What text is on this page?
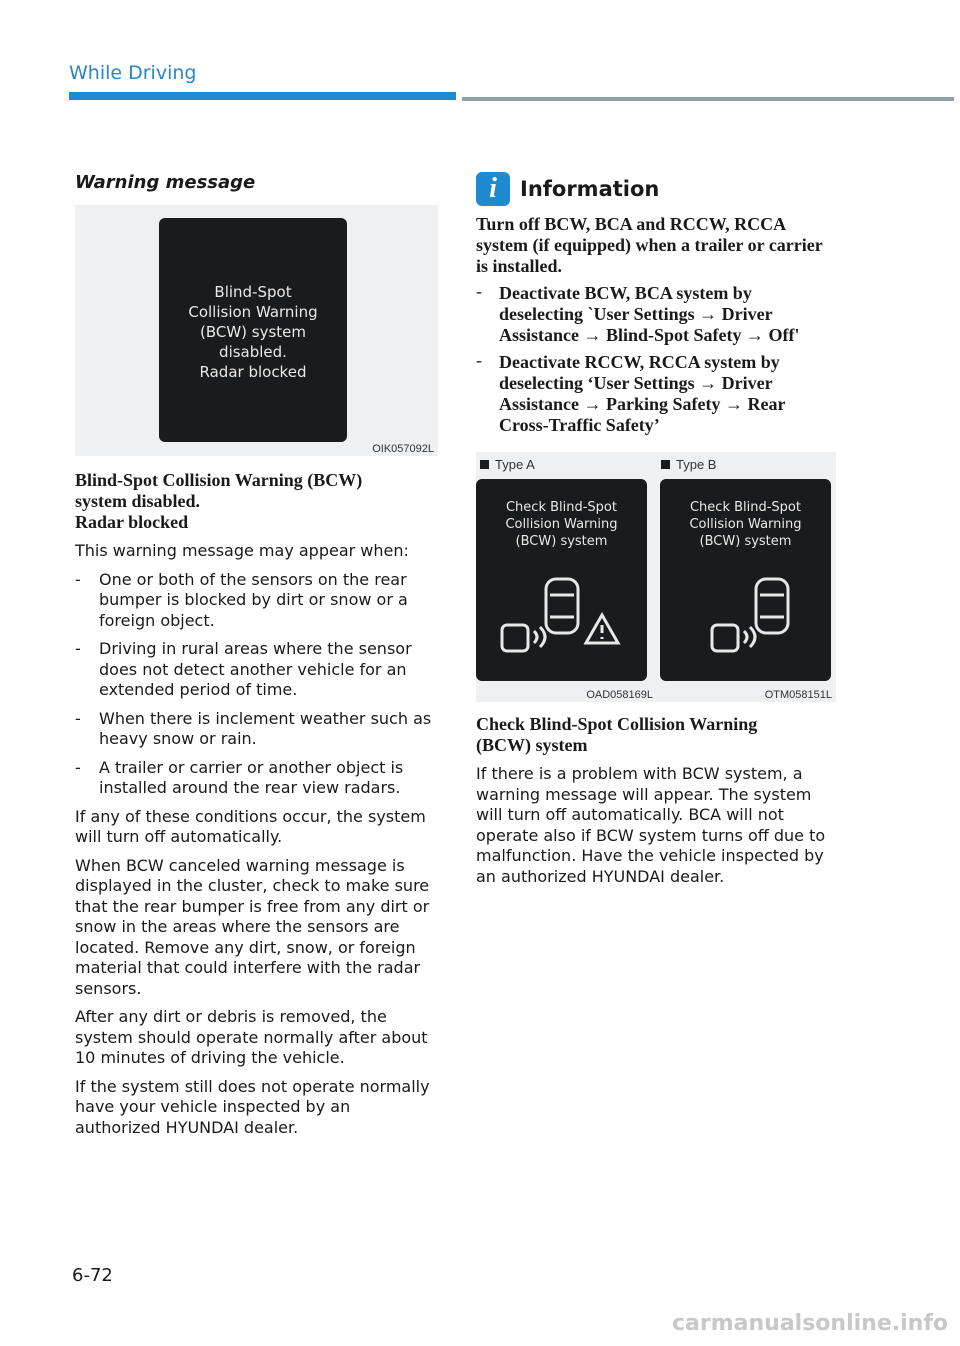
While Driving
Warning message
Blind-Spot
Collision Warning
(BCW) system
disabled.
Radar blocked
OIK057092L
Blind-Spot Collision Warning (BCW)
system disabled.
Radar blocked

This warning message may appear when:

- One or both of the sensors on the rear bumper is blocked by dirt or snow or a foreign object.
- Driving in rural areas where the sensor does not detect another vehicle for an extended period of time.
- When there is inclement weather such as heavy snow or rain.
- A trailer or carrier or another object is installed around the rear view radars.

If any of these conditions occur, the system will turn off automatically.

When BCW canceled warning message is displayed in the cluster, check to make sure that the rear bumper is free from any dirt or snow in the areas where the sensors are located. Remove any dirt, snow, or foreign material that could interfere with the radar sensors.

After any dirt or debris is removed, the system should operate normally after about 10 minutes of driving the vehicle.

If the system still does not operate normally have your vehicle inspected by an authorized HYUNDAI dealer.

i	Information
Turn off BCW, BCA and RCCW, RCCA system (if equipped) when a trailer or carrier is installed.
- Deactivate BCW, BCA system by deselecting `User Settings → Driver Assistance → Blind-Spot Safety → Off'
- Deactivate RCCW, RCCA system by deselecting ‘User Settings → Driver Assistance → Parking Safety → Rear Cross-Traffic Safety’
Type A	Type B
Check Blind-Spot
Collision Warning
(BCW) system
Check Blind-Spot
Collision Warning
(BCW) system
OAD058169L	OTM058151L
Check Blind-Spot Collision Warning
(BCW) system

If there is a problem with BCW system, a warning message will appear. The system will turn off automatically. BCA will not operate also if BCW system turns off due to malfunction. Have the vehicle inspected by an authorized HYUNDAI dealer.

6-72
carmanualsonline.info
